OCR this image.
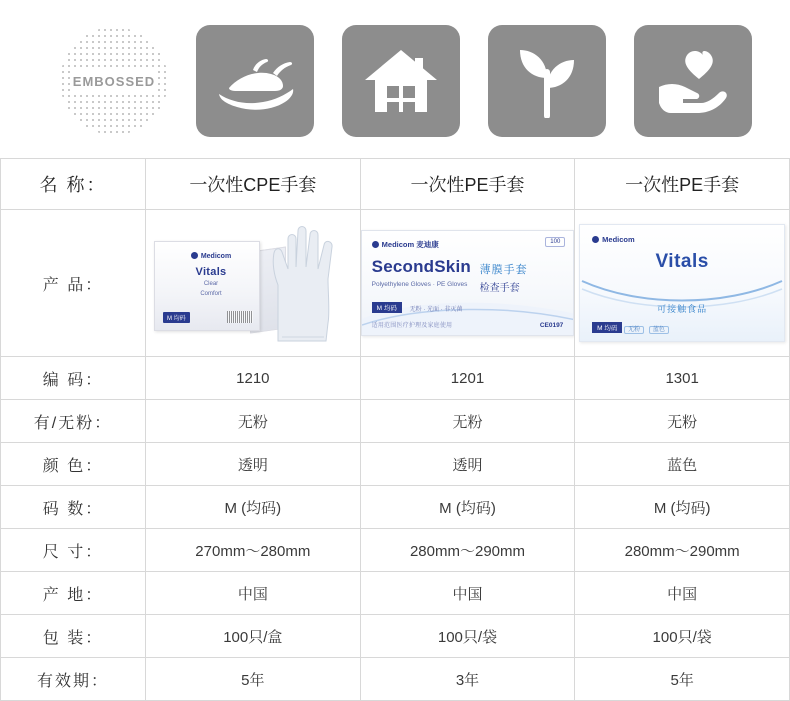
EMBOSSED
名 称：	一次性CPE手套	一次性PE手套	一次性PE手套
产 品：	
Medicom
Vitals
Clear
Comfort
M 均码

Medicom 麦迪康	100
SecondSkin 薄膜手套
Polyethylene Gloves · PE Gloves 检查手套
M 均码	无粉 · 光面 · 非灭菌
适用范围医疗护理及家庭使用	CE0197

Medicom
Vitals
可接触食品
M 均码	无粉 蓝色

编 码：	1210	1201	1301
有/无粉：	无粉	无粉	无粉
颜 色：	透明	透明	蓝色
码 数：	M (均码)	M (均码)	M (均码)
尺 寸：	270mm～280mm	280mm～290mm	280mm～290mm
产 地：	中国	中国	中国
包 装：	100只/盒	100只/袋	100只/袋
有效期：	5年	3年	5年
